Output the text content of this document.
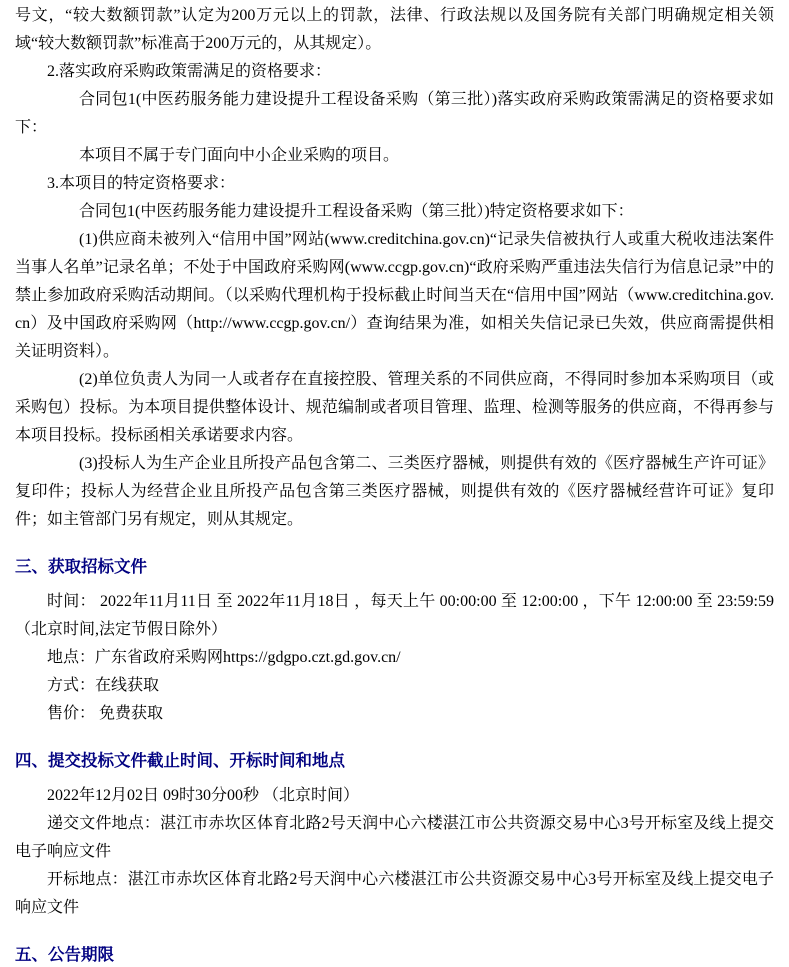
号文，“较大数额罚款”认定为200万元以上的罚款，法律、行政法规以及国务院有关部门明确规定相关领域“较大数额罚款”标准高于200万元的，从其规定）。

2.落实政府采购政策需满足的资格要求：

合同包1(中医药服务能力建设提升工程设备采购（第三批）)落实政府采购政策需满足的资格要求如下：

本项目不属于专门面向中小企业采购的项目。

3.本项目的特定资格要求：

合同包1(中医药服务能力建设提升工程设备采购（第三批）)特定资格要求如下：

(1)供应商未被列入“信用中国”网站(www.creditchina.gov.cn)“记录失信被执行人或重大税收违法案件当事人名单”记录名单；不处于中国政府采购网(www.ccgp.gov.cn)“政府采购严重违法失信行为信息记录”中的禁止参加政府采购活动期间。（以采购代理机构于投标截止时间当天在“信用中国”网站（www.creditchina.gov.cn）及中国政府采购网（http://www.ccgp.gov.cn/）查询结果为准，如相关失信记录已失效，供应商需提供相关证明资料）。

(2)单位负责人为同一人或者存在直接控股、管理关系的不同供应商，不得同时参加本采购项目（或采购包）投标。为本项目提供整体设计、规范编制或者项目管理、监理、检测等服务的供应商，不得再参与本项目投标。投标函相关承诺要求内容。

(3)投标人为生产企业且所投产品包含第二、三类医疗器械，则提供有效的《医疗器械生产许可证》复印件；投标人为经营企业且所投产品包含第三类医疗器械，则提供有效的《医疗器械经营许可证》复印件；如主管部门另有规定，则从其规定。

三、获取招标文件

时间： 2022年11月11日 至 2022年11月18日 ，每天上午 00:00:00 至 12:00:00 ，下午 12:00:00 至 23:59:59（北京时间,法定节假日除外）

地点：广东省政府采购网https://gdgpo.czt.gd.gov.cn/

方式：在线获取

售价： 免费获取

四、提交投标文件截止时间、开标时间和地点

2022年12月02日 09时30分00秒 （北京时间）

递交文件地点：湛江市赤坎区体育北路2号天润中心六楼湛江市公共资源交易中心3号开标室及线上提交电子响应文件

开标地点：湛江市赤坎区体育北路2号天润中心六楼湛江市公共资源交易中心3号开标室及线上提交电子响应文件

五、公告期限
